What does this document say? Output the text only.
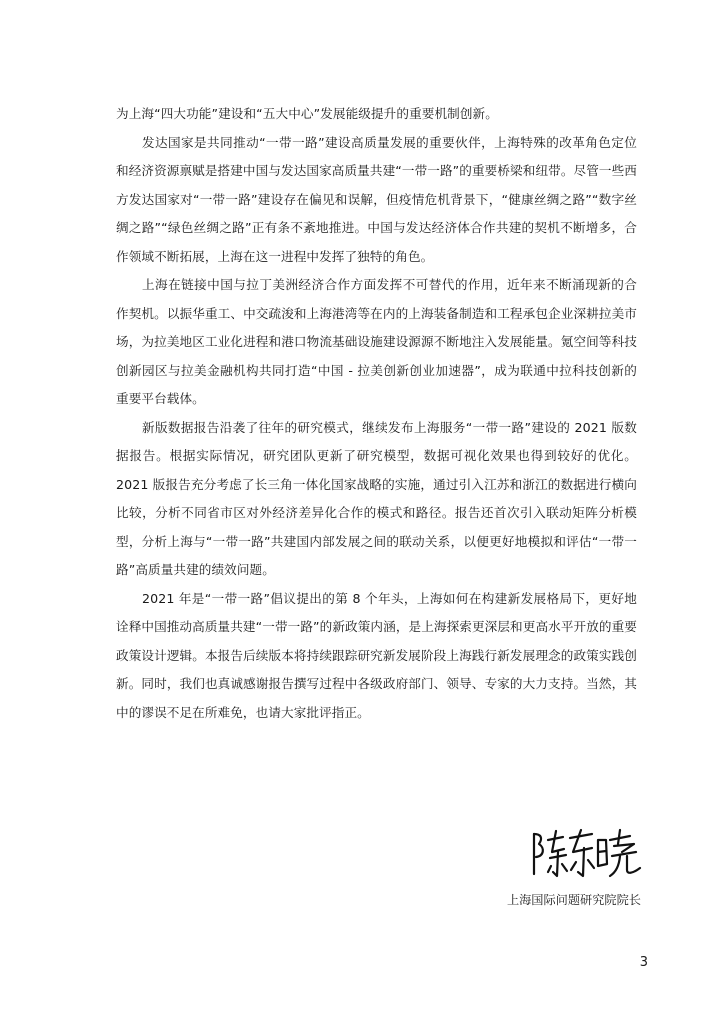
为上海“四大功能”建设和“五大中心”发展能级提升的重要机制创新。

发达国家是共同推动“一带一路”建设高质量发展的重要伙伴，上海特殊的改革角色定位和经济资源禀赋是搭建中国与发达国家高质量共建“一带一路”的重要桥梁和纽带。尽管一些西方发达国家对“一带一路”建设存在偏见和误解，但疫情危机背景下，“健康丝绸之路”“数字丝绸之路”“绿色丝绸之路”正有条不紊地推进。中国与发达经济体合作共建的契机不断增多，合作领域不断拓展，上海在这一进程中发挥了独特的角色。

上海在链接中国与拉丁美洲经济合作方面发挥不可替代的作用，近年来不断涌现新的合作契机。以振华重工、中交疏浚和上海港湾等在内的上海装备制造和工程承包企业深耕拉美市场，为拉美地区工业化进程和港口物流基础设施建设源源不断地注入发展能量。氪空间等科技创新园区与拉美金融机构共同打造“中国 - 拉美创新创业加速器”，成为联通中拉科技创新的重要平台载体。

新版数据报告沿袭了往年的研究模式，继续发布上海服务“一带一路”建设的 2021 版数据报告。根据实际情况，研究团队更新了研究模型，数据可视化效果也得到较好的优化。2021 版报告充分考虑了长三角一体化国家战略的实施，通过引入江苏和浙江的数据进行横向比较，分析不同省市区对外经济差异化合作的模式和路径。报告还首次引入联动矩阵分析模型，分析上海与“一带一路”共建国内部发展之间的联动关系，以便更好地模拟和评估“一带一路”高质量共建的绩效问题。

2021 年是“一带一路”倡议提出的第 8 个年头，上海如何在构建新发展格局下，更好地诠释中国推动高质量共建“一带一路”的新政策内涵，是上海探索更深层和更高水平开放的重要政策设计逻辑。本报告后续版本将持续跟踪研究新发展阶段上海践行新发展理念的政策实践创新。同时，我们也真诚感谢报告撰写过程中各级政府部门、领导、专家的大力支持。当然，其中的谬误不足在所难免，也请大家批评指正。

上海国际问题研究院院长
3
